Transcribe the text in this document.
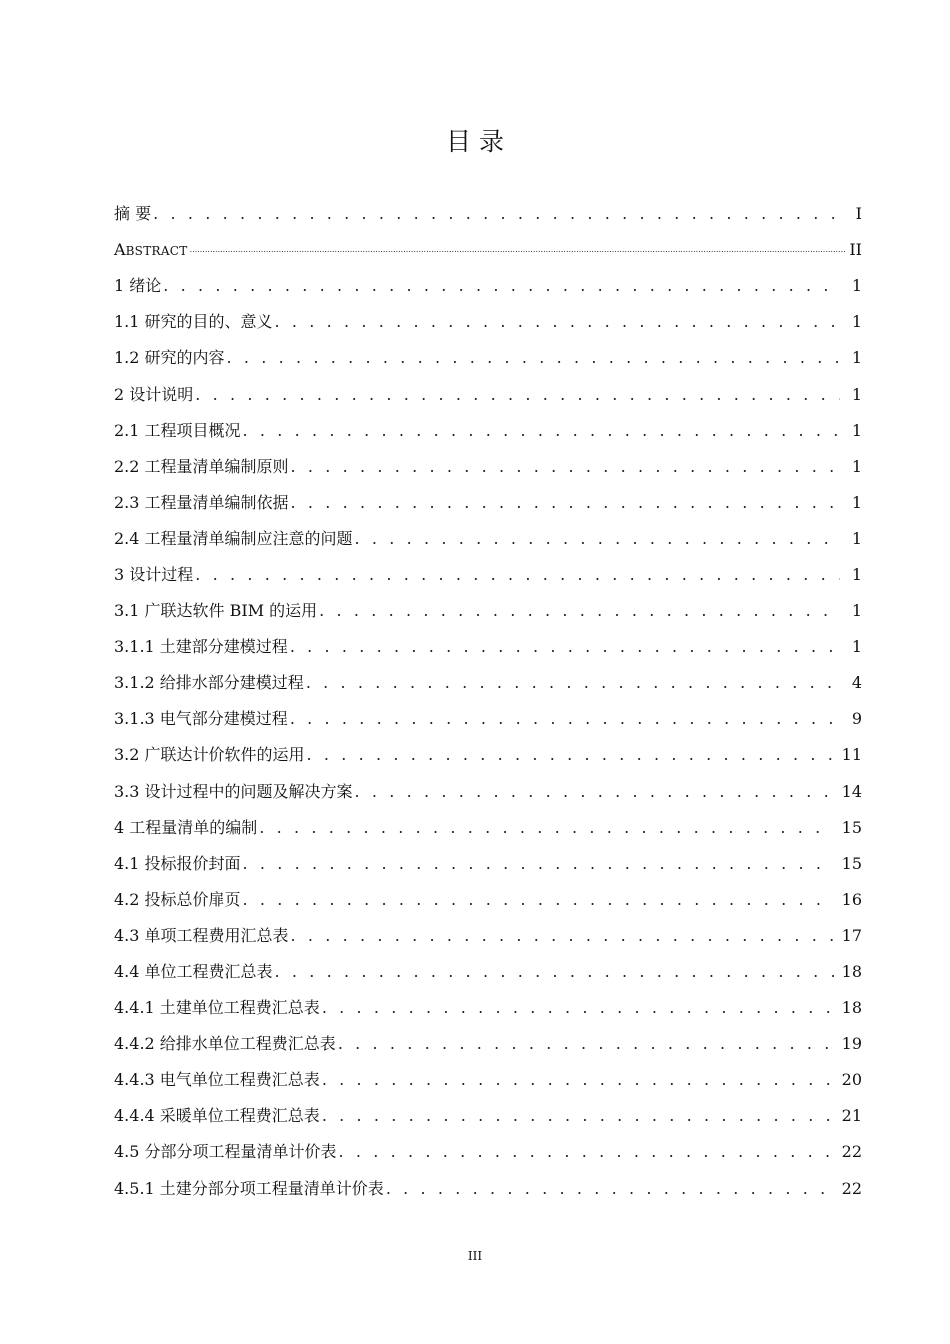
目 录
摘 要 . . .	I
ABSTRACT .....	II
1 绪论 . . .	1
1.1 研究的目的、意义 . . .	1
1.2 研究的内容 . . .	1
2 设计说明 . . .	1
2.1 工程项目概况 . . .	1
2.2 工程量清单编制原则 . . .	1
2.3 工程量清单编制依据 . . .	1
2.4 工程量清单编制应注意的问题 . . .	1
3 设计过程 . . .	1
3.1 广联达软件 BIM 的运用 . . .	1
3.1.1 土建部分建模过程 . . .	1
3.1.2 给排水部分建模过程 . . .	4
3.1.3 电气部分建模过程 . . .	9
3.2 广联达计价软件的运用 . . .	11
3.3 设计过程中的问题及解决方案 . . .	14
4 工程量清单的编制 . . .	15
4.1 投标报价封面 . . .	15
4.2 投标总价扉页 . . .	16
4.3 单项工程费用汇总表 . . .	17
4.4 单位工程费汇总表 . . .	18
4.4.1 土建单位工程费汇总表 . . .	18
4.4.2 给排水单位工程费汇总表 . . .	19
4.4.3 电气单位工程费汇总表 . . .	20
4.4.4 采暖单位工程费汇总表 . . .	21
4.5 分部分项工程量清单计价表 . . .	22
4.5.1 土建分部分项工程量清单计价表 . . .	22
III
